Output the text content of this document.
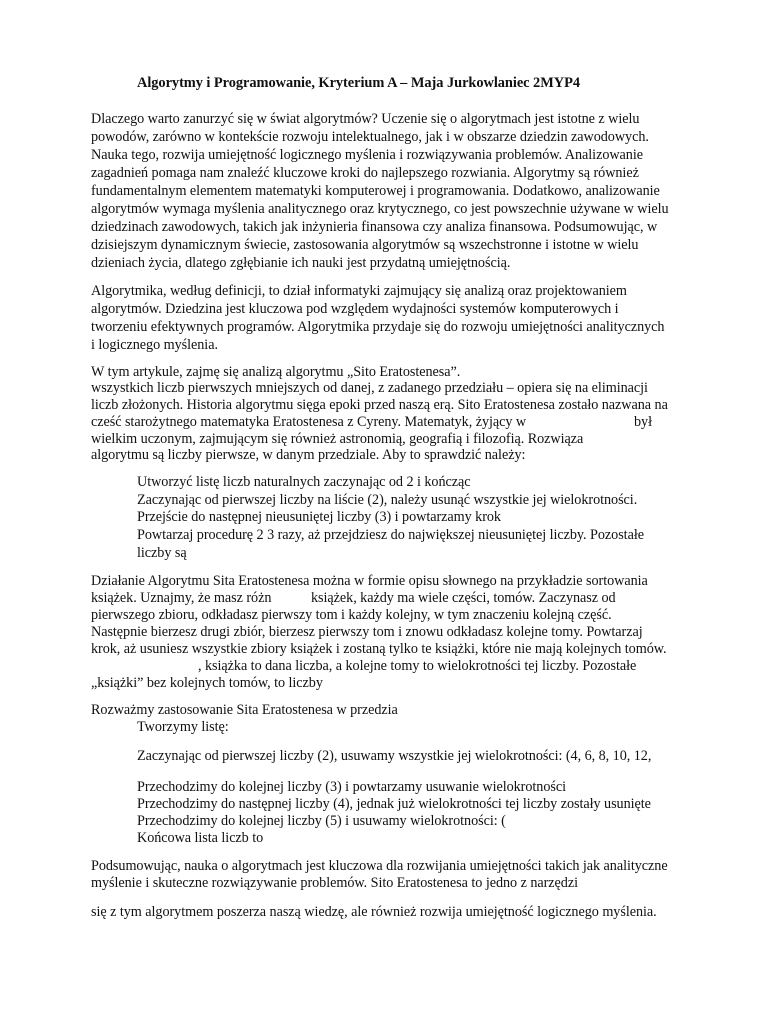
Algorytmy i Programowanie, Kryterium A – Maja Jurkowlaniec 2MYP4
Dlaczego warto zanurzyć się w świat algorytmów? Uczenie się o algorytmach jest istotne z wielu
powodów, zarówno w kontekście rozwoju intelektualnego, jak i w obszarze dziedzin zawodowych.
Nauka tego, rozwija umiejętność logicznego myślenia i rozwiązywania problemów. Analizowanie
zagadnień pomaga nam znaleźć kluczowe kroki do najlepszego rozwiania. Algorytmy są również
fundamentalnym elementem matematyki komputerowej i programowania. Dodatkowo, analizowanie
algorytmów wymaga myślenia analitycznego oraz krytycznego, co jest powszechnie używane w wielu
dziedzinach zawodowych, takich jak inżynieria finansowa czy analiza finansowa. Podsumowując, w
dzisiejszym dynamicznym świecie, zastosowania algorytmów są wszechstronne i istotne w wielu
dzieniach życia, dlatego zgłębianie ich nauki jest przydatną umiejętnością.
Algorytmika, według definicji, to dział informatyki zajmujący się analizą oraz projektowaniem
algorytmów. Dziedzina jest kluczowa pod względem wydajności systemów komputerowych i
tworzeniu efektywnych programów. Algorytmika przydaje się do rozwoju umiejętności analitycznych
i logicznego myślenia.
W tym artykule, zajmę się analizą algorytmu „Sito Eratostenesa”.
wszystkich liczb pierwszych mniejszych od danej, z zadanego przedziału – opiera się na eliminacji
liczb złożonych. Historia algorytmu sięga epoki przed naszą erą. Sito Eratostenesa zostało nazwana na
cześć starożytnego matematyka Eratostenesa z Cyreny. Matematyk, żyjący w	był
wielkim uczonym, zajmującym się również astronomią, geografią i filozofią. Rozwiąza
algorytmu są liczby pierwsze, w danym przedziale. Aby to sprawdzić należy:
Utworzyć listę liczb naturalnych zaczynając od 2 i kończąc
Zaczynając od pierwszej liczby na liście (2), należy usunąć wszystkie jej wielokrotności.
Przejście do następnej nieusuniętej liczby (3) i powtarzamy krok
Powtarzaj procedurę 2 3 razy, aż przejdziesz do największej nieusuniętej liczby. Pozostałe
liczby są
Działanie Algorytmu Sita Eratostenesa można w formie opisu słownego na przykładzie sortowania
książek. Uznajmy, że masz różn	książek, każdy ma wiele części, tomów. Zaczynasz od
pierwszego zbioru, odkładasz pierwszy tom i każdy kolejny, w tym znaczeniu kolejną część.
Następnie bierzesz drugi zbiór, bierzesz pierwszy tom i znowu odkładasz kolejne tomy. Powtarzaj
krok, aż usuniesz wszystkie zbiory książek i zostaną tylko te książki, które nie mają kolejnych tomów.
, książka to dana liczba, a kolejne tomy to wielokrotności tej liczby. Pozostałe
„książki” bez kolejnych tomów, to liczby
Rozważmy zastosowanie Sita Eratostenesa w przedzia
Tworzymy listę:
Zaczynając od pierwszej liczby (2), usuwamy wszystkie jej wielokrotności: (4, 6, 8, 10, 12,
Przechodzimy do kolejnej liczby (3) i powtarzamy usuwanie wielokrotności
Przechodzimy do następnej liczby (4), jednak już wielokrotności tej liczby zostały usunięte
Przechodzimy do kolejnej liczby (5) i usuwamy wielokrotności: (
Końcowa lista liczb to
Podsumowując, nauka o algorytmach jest kluczowa dla rozwijania umiejętności takich jak analityczne
myślenie i skuteczne rozwiązywanie problemów. Sito Eratostenesa to jedno z narzędzi
się z tym algorytmem poszerza naszą wiedzę, ale również rozwija umiejętność logicznego myślenia.
